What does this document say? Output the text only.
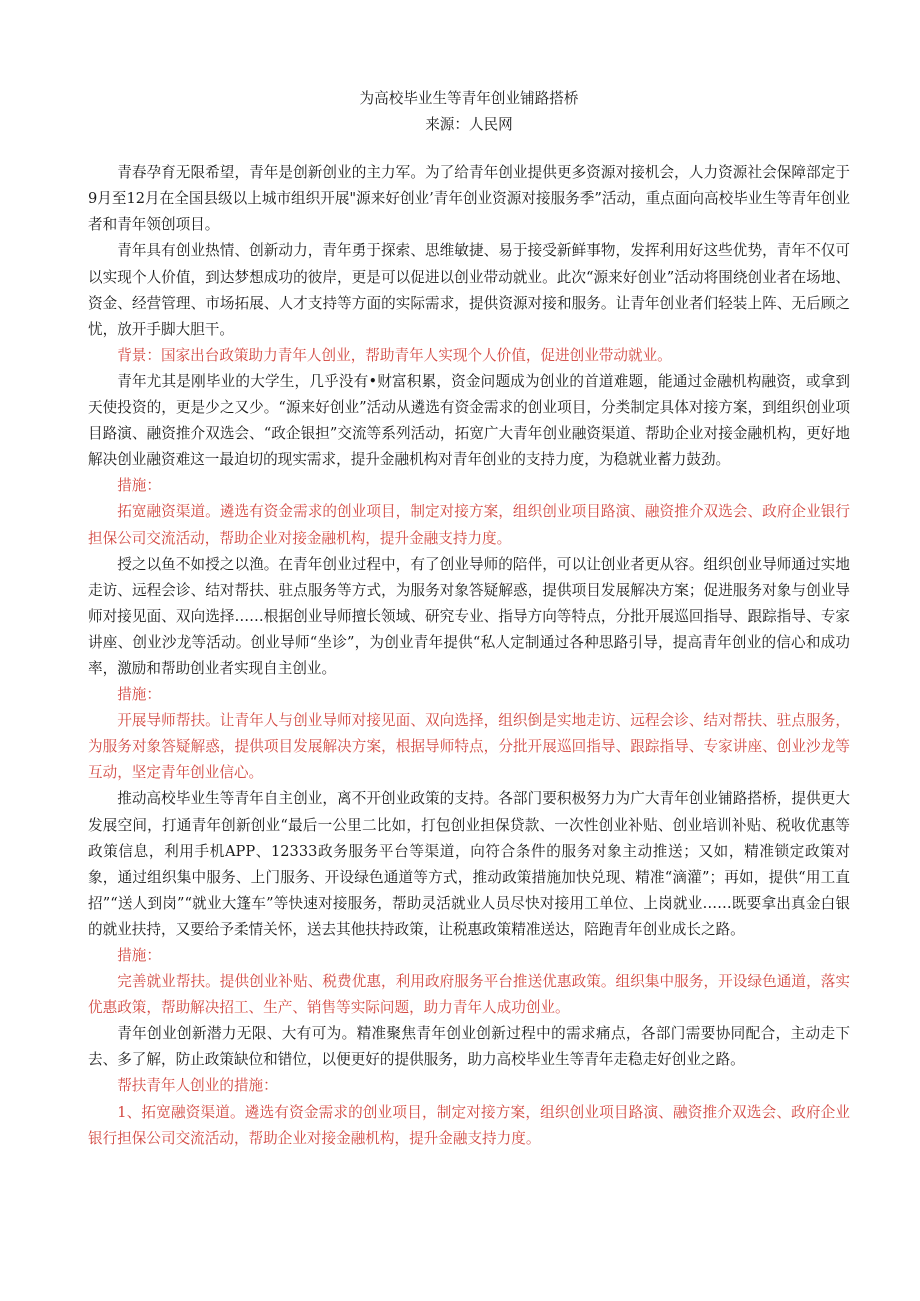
为高校毕业生等青年创业铺路搭桥

来源：人民网

青春孕育无限希望，青年是创新创业的主力军。为了给青年创业提供更多资源对接机会，人力资源社会保障部定于9月至12月在全国县级以上城市组织开展"源来好创业’青年创业资源对接服务季”活动，重点面向高校毕业生等青年创业者和青年领创项目。

青年具有创业热情、创新动力，青年勇于探索、思维敏捷、易于接受新鲜事物，发挥利用好这些优势，青年不仅可以实现个人价值，到达梦想成功的彼岸，更是可以促进以创业带动就业。此次“源来好创业”活动将围绕创业者在场地、资金、经营管理、市场拓展、人才支持等方面的实际需求，提供资源对接和服务。让青年创业者们轻装上阵、无后顾之忧，放开手脚大胆干。

背景：国家出台政策助力青年人创业，帮助青年人实现个人价值，促进创业带动就业。

青年尤其是刚毕业的大学生，几乎没有•财富积累，资金问题成为创业的首道难题，能通过金融机构融资，或拿到天使投资的，更是少之又少。“源来好创业”活动从遴选有资金需求的创业项目，分类制定具体对接方案，到组织创业项目路演、融资推介双选会、“政企银担”交流等系列活动，拓宽广大青年创业融资渠道、帮助企业对接金融机构，更好地解决创业融资难这一最迫切的现实需求，提升金融机构对青年创业的支持力度，为稳就业蓄力鼓劲。

措施：

拓宽融资渠道。遴选有资金需求的创业项目，制定对接方案，组织创业项目路演、融资推介双选会、政府企业银行担保公司交流活动，帮助企业对接金融机构，提升金融支持力度。

授之以鱼不如授之以渔。在青年创业过程中，有了创业导师的陪伴，可以让创业者更从容。组织创业导师通过实地走访、远程会诊、结对帮扶、驻点服务等方式，为服务对象答疑解惑，提供项目发展解决方案；促进服务对象与创业导师对接见面、双向选择……根据创业导师擅长领域、研究专业、指导方向等特点，分批开展巡回指导、跟踪指导、专家讲座、创业沙龙等活动。创业导师“坐诊”，为创业青年提供“私人定制通过各种思路引导，提高青年创业的信心和成功率，激励和帮助创业者实现自主创业。

措施：

开展导师帮扶。让青年人与创业导师对接见面、双向选择，组织倒是实地走访、远程会诊、结对帮扶、驻点服务，为服务对象答疑解惑，提供项目发展解决方案，根据导师特点，分批开展巡回指导、跟踪指导、专家讲座、创业沙龙等互动，坚定青年创业信心。

推动高校毕业生等青年自主创业，离不开创业政策的支持。各部门要积极努力为广大青年创业铺路搭桥，提供更大发展空间，打通青年创新创业“最后一公里二比如，打包创业担保贷款、一次性创业补贴、创业培训补贴、税收优惠等政策信息，利用手机APP、12333政务服务平台等渠道，向符合条件的服务对象主动推送；又如，精准锁定政策对象，通过组织集中服务、上门服务、开设绿色通道等方式，推动政策措施加快兑现、精准“滴灌”；再如，提供“用工直招”“送人到岗”“就业大篷车”等快速对接服务，帮助灵活就业人员尽快对接用工单位、上岗就业……既要拿出真金白银的就业扶持，又要给予柔情关怀，送去其他扶持政策，让税惠政策精准送达，陪跑青年创业成长之路。

措施：

完善就业帮扶。提供创业补贴、税费优惠，利用政府服务平台推送优惠政策。组织集中服务，开设绿色通道，落实优惠政策，帮助解决招工、生产、销售等实际问题，助力青年人成功创业。

青年创业创新潜力无限、大有可为。精准聚焦青年创业创新过程中的需求痛点，各部门需要协同配合，主动走下去、多了解，防止政策缺位和错位，以便更好的提供服务，助力高校毕业生等青年走稳走好创业之路。

帮扶青年人创业的措施：

1、拓宽融资渠道。遴选有资金需求的创业项目，制定对接方案，组织创业项目路演、融资推介双选会、政府企业银行担保公司交流活动，帮助企业对接金融机构，提升金融支持力度。
